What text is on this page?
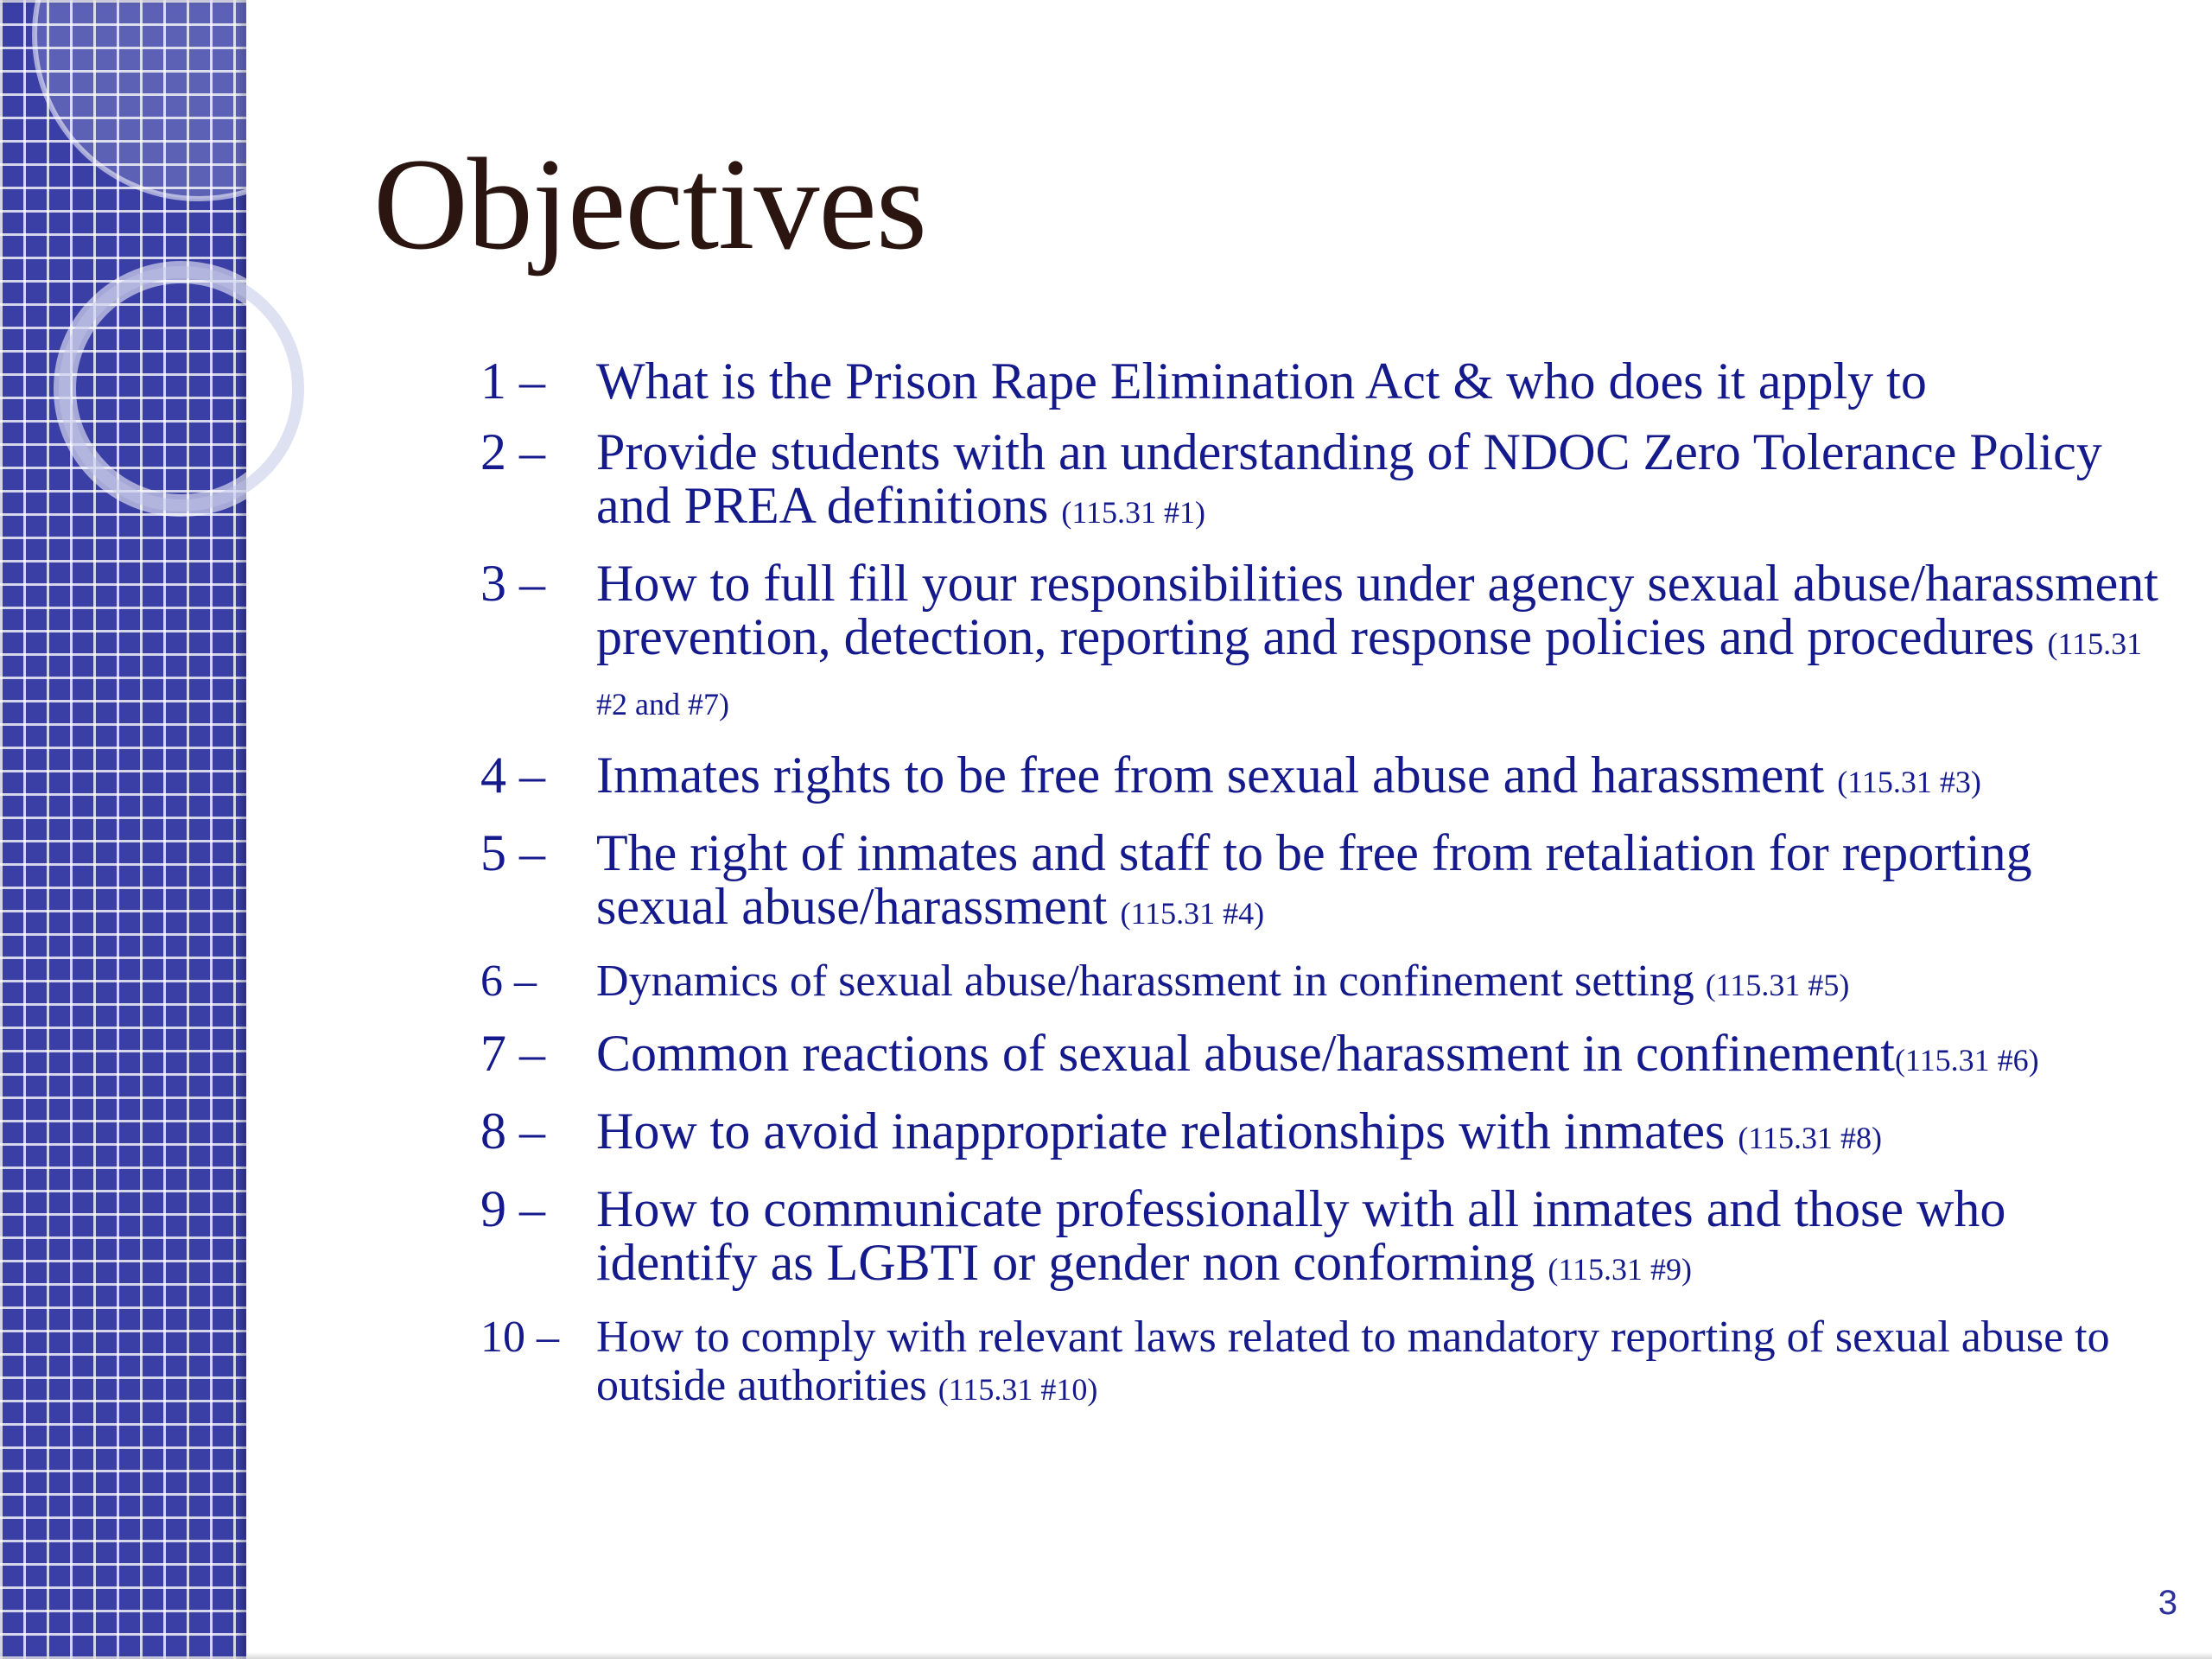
Objectives
1 – What is the Prison Rape Elimination Act & who does it apply to
2 – Provide students with an understanding of NDOC Zero Tolerance Policy and PREA definitions (115.31 #1)
3 – How to full fill your responsibilities under agency sexual abuse/harassment prevention, detection, reporting and response policies and procedures (115.31 #2 and #7)
4 – Inmates rights to be free from sexual abuse and harassment (115.31 #3)
5 – The right of inmates and staff to be free from retaliation for reporting sexual abuse/harassment (115.31 #4)
6 –	Dynamics of sexual abuse/harassment in confinement setting (115.31 #5)
7 – Common reactions of sexual abuse/harassment in confinement(115.31 #6)
8 – How to avoid inappropriate relationships with inmates (115.31 #8)
9 – How to communicate professionally with all inmates and those who identify as LGBTI or gender non conforming (115.31 #9)
10 – How to comply with relevant laws related to mandatory reporting of sexual abuse to outside authorities (115.31 #10)
3
